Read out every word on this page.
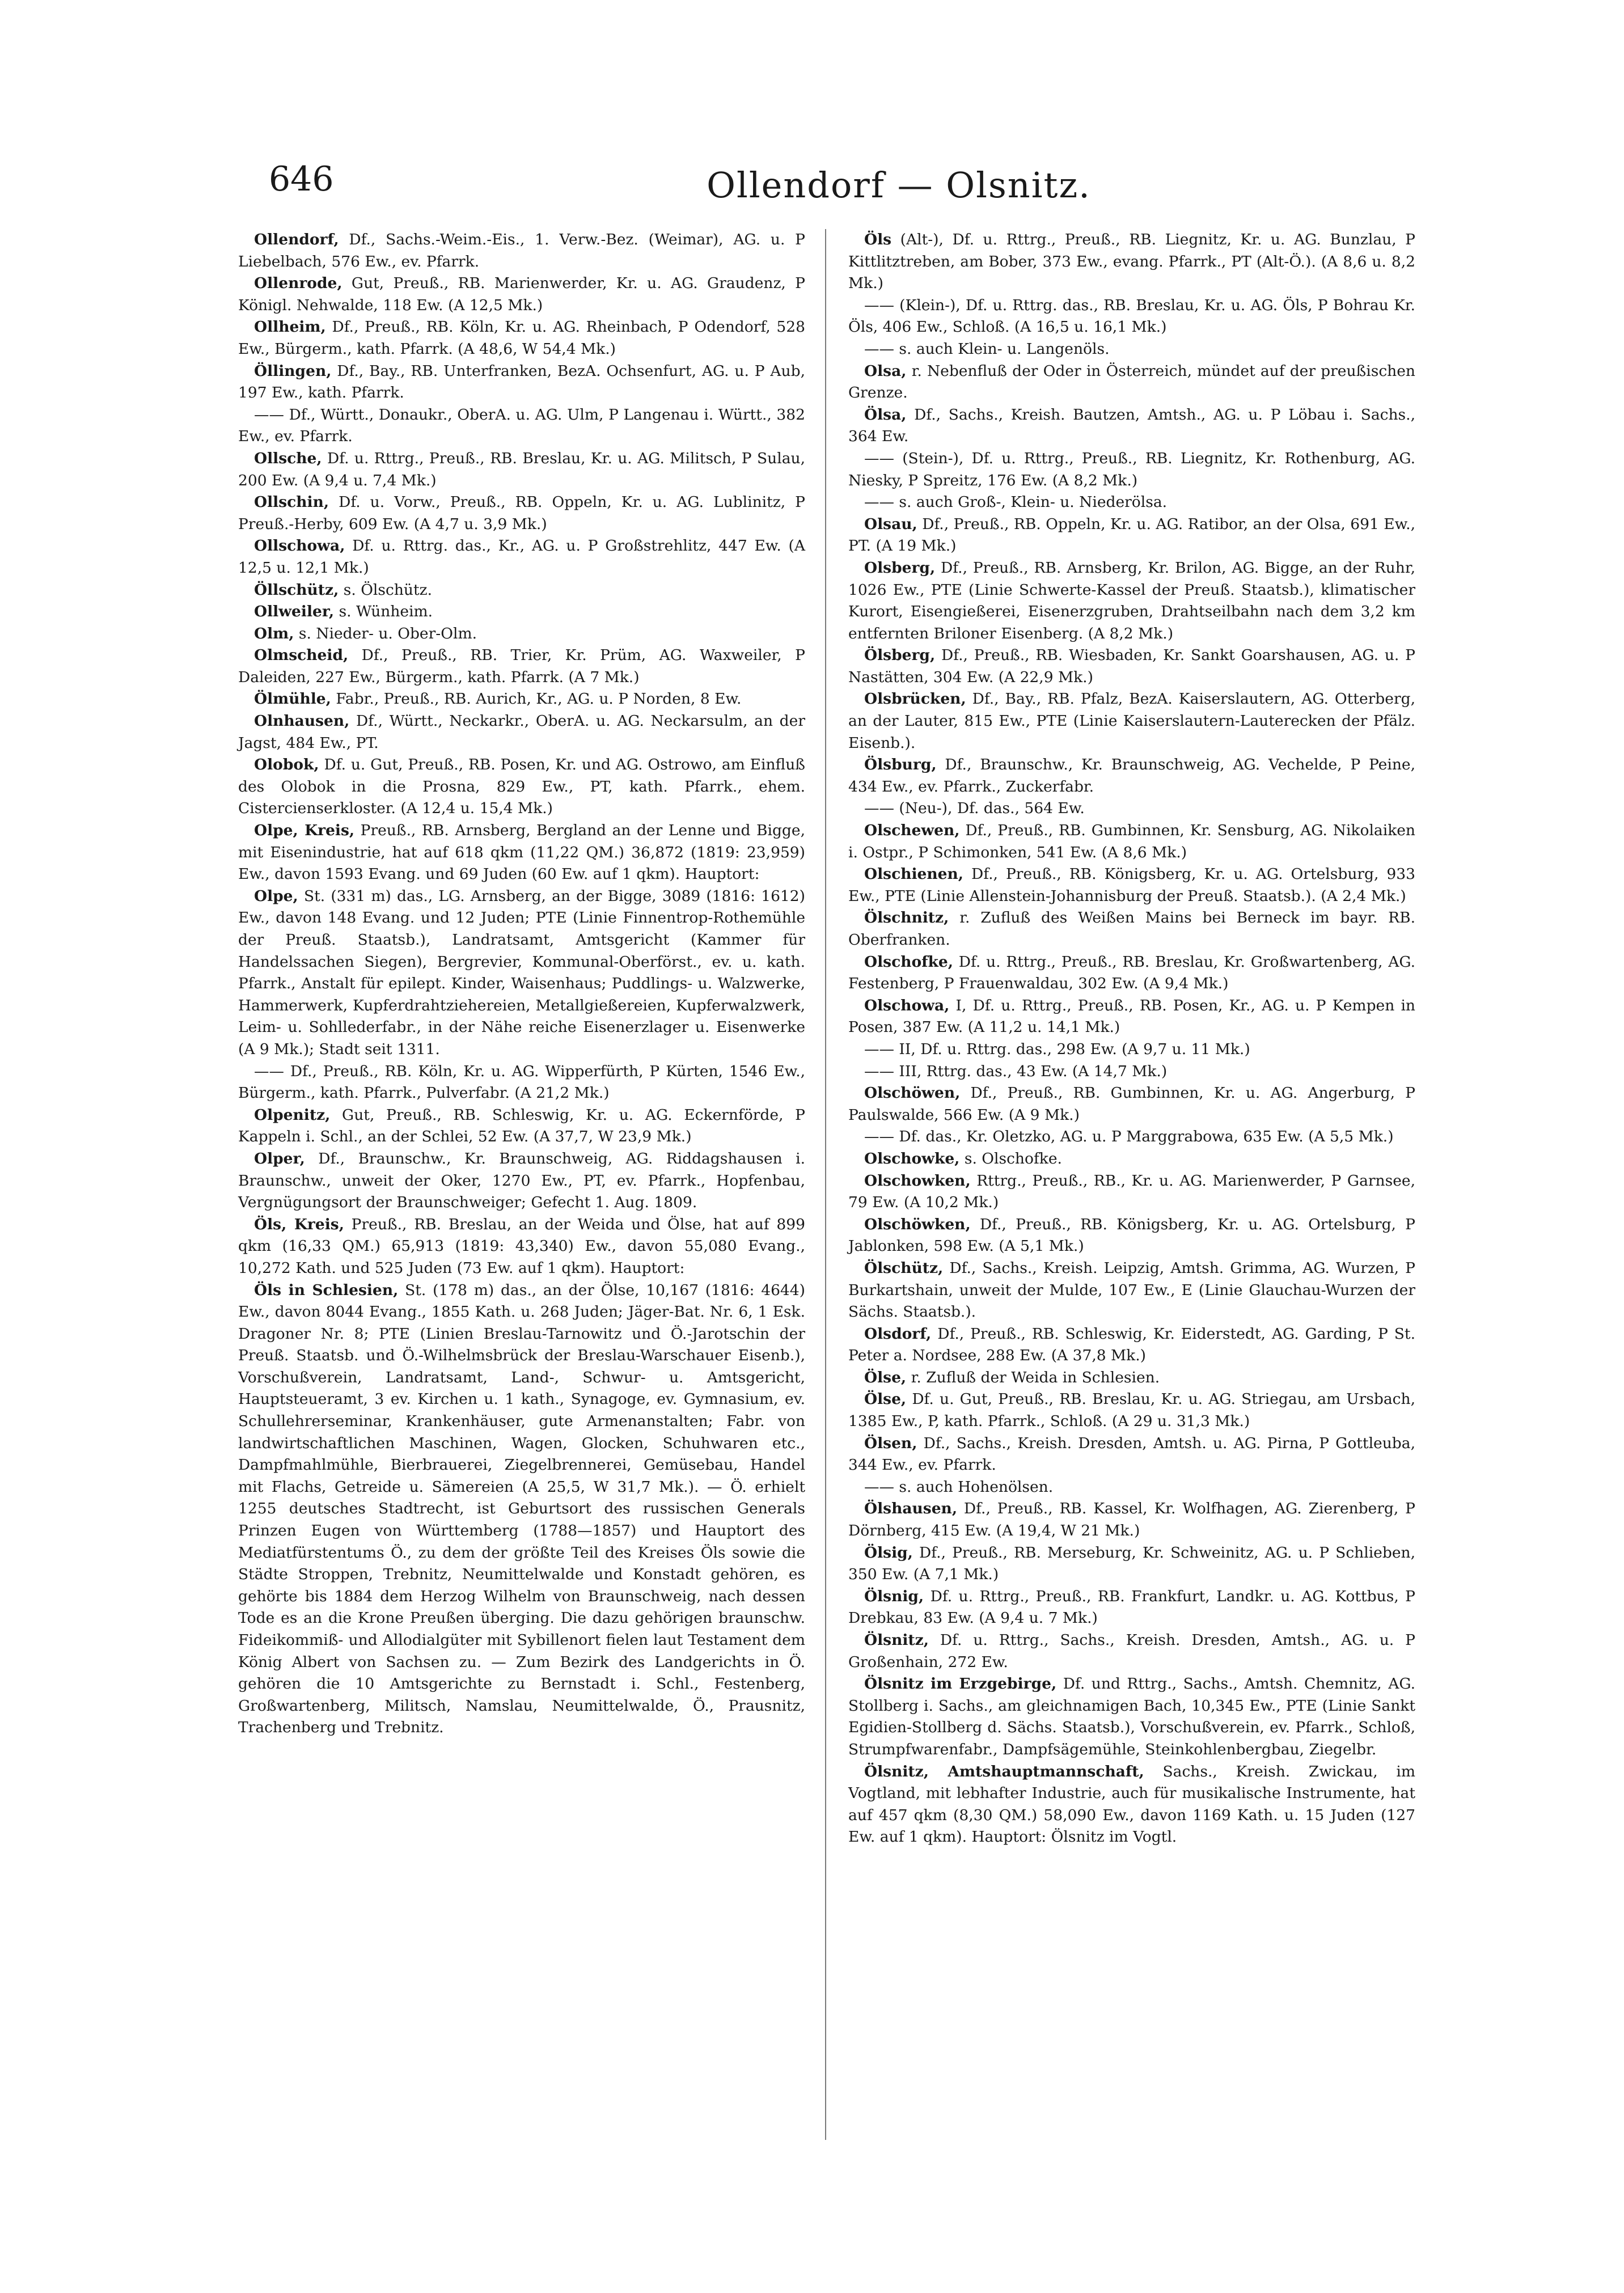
646	Ollendorf — Olsnitz.

Ollendorf, Df., Sachs.-Weim.-Eis., 1. Verw.-Bez. (Weimar), AG. u. P Liebelbach, 576 Ew., ev. Pfarrk.

Ollenrode, Gut, Preuß., RB. Marienwerder, Kr. u. AG. Graudenz, P Königl. Nehwalde, 118 Ew. (A 12,5 Mk.)

Ollheim, Df., Preuß., RB. Köln, Kr. u. AG. Rheinbach, P Odendorf, 528 Ew., Bürgerm., kath. Pfarrk. (A 48,6, W 54,4 Mk.)

Öllingen, Df., Bay., RB. Unterfranken, BezA. Ochsenfurt, AG. u. P Aub, 197 Ew., kath. Pfarrk.

—— Df., Württ., Donaukr., OberA. u. AG. Ulm, P Langenau i. Württ., 382 Ew., ev. Pfarrk.

Ollsche, Df. u. Rttrg., Preuß., RB. Breslau, Kr. u. AG. Militsch, P Sulau, 200 Ew. (A 9,4 u. 7,4 Mk.)

Ollschin, Df. u. Vorw., Preuß., RB. Oppeln, Kr. u. AG. Lublinitz, P Preuß.-Herby, 609 Ew. (A 4,7 u. 3,9 Mk.)

Ollschowa, Df. u. Rttrg. das., Kr., AG. u. P Großstrehlitz, 447 Ew. (A 12,5 u. 12,1 Mk.)

Öllschütz, s. Ölschütz.

Ollweiler, s. Wünheim.

Olm, s. Nieder- u. Ober-Olm.

Olmscheid, Df., Preuß., RB. Trier, Kr. Prüm, AG. Waxweiler, P Daleiden, 227 Ew., Bürgerm., kath. Pfarrk. (A 7 Mk.)

Ölmühle, Fabr., Preuß., RB. Aurich, Kr., AG. u. P Norden, 8 Ew.

Olnhausen, Df., Württ., Neckarkr., OberA. u. AG. Neckarsulm, an der Jagst, 484 Ew., PT.

Olobok, Df. u. Gut, Preuß., RB. Posen, Kr. und AG. Ostrowo, am Einfluß des Olobok in die Prosna, 829 Ew., PT, kath. Pfarrk., ehem. Cistercienserkloster. (A 12,4 u. 15,4 Mk.)

Olpe, Kreis, Preuß., RB. Arnsberg, Bergland an der Lenne und Bigge, mit Eisenindustrie, hat auf 618 qkm (11,22 QM.) 36,872 (1819: 23,959) Ew., davon 1593 Evang. und 69 Juden (60 Ew. auf 1 qkm). Hauptort:

Olpe, St. (331 m) das., LG. Arnsberg, an der Bigge, 3089 (1816: 1612) Ew., davon 148 Evang. und 12 Juden; PTE (Linie Finnentrop-Rothemühle der Preuß. Staatsb.), Landratsamt, Amtsgericht (Kammer für Handelssachen Siegen), Bergrevier, Kommunal-Oberförst., ev. u. kath. Pfarrk., Anstalt für epilept. Kinder, Waisenhaus; Puddlings- u. Walzwerke, Hammerwerk, Kupferdrahtziehereien, Metallgießereien, Kupferwalzwerk, Leim- u. Sohllederfabr., in der Nähe reiche Eisenerzlager u. Eisenwerke (A 9 Mk.); Stadt seit 1311.

—— Df., Preuß., RB. Köln, Kr. u. AG. Wipperfürth, P Kürten, 1546 Ew., Bürgerm., kath. Pfarrk., Pulverfabr. (A 21,2 Mk.)

Olpenitz, Gut, Preuß., RB. Schleswig, Kr. u. AG. Eckernförde, P Kappeln i. Schl., an der Schlei, 52 Ew. (A 37,7, W 23,9 Mk.)

Olper, Df., Braunschw., Kr. Braunschweig, AG. Riddagshausen i. Braunschw., unweit der Oker, 1270 Ew., PT, ev. Pfarrk., Hopfenbau, Vergnügungsort der Braunschweiger; Gefecht 1. Aug. 1809.

Öls, Kreis, Preuß., RB. Breslau, an der Weida und Ölse, hat auf 899 qkm (16,33 QM.) 65,913 (1819: 43,340) Ew., davon 55,080 Evang., 10,272 Kath. und 525 Juden (73 Ew. auf 1 qkm). Hauptort:

Öls in Schlesien, St. (178 m) das., an der Ölse, 10,167 (1816: 4644) Ew., davon 8044 Evang., 1855 Kath. u. 268 Juden; Jäger-Bat. Nr. 6, 1 Esk. Dragoner Nr. 8; PTE (Linien Breslau-Tarnowitz und Ö.-Jarotschin der Preuß. Staatsb. und Ö.-Wilhelmsbrück der Breslau-Warschauer Eisenb.), Vorschußverein, Landratsamt, Land-, Schwur- u. Amtsgericht, Hauptsteueramt, 3 ev. Kirchen u. 1 kath., Synagoge, ev. Gymnasium, ev. Schullehrerseminar, Krankenhäuser, gute Armenanstalten; Fabr. von landwirtschaftlichen Maschinen, Wagen, Glocken, Schuhwaren etc., Dampfmahlmühle, Bierbrauerei, Ziegelbrennerei, Gemüsebau, Handel mit Flachs, Getreide u. Sämereien (A 25,5, W 31,7 Mk.). — Ö. erhielt 1255 deutsches Stadtrecht, ist Geburtsort des russischen Generals Prinzen Eugen von Württemberg (1788—1857) und Hauptort des Mediatfürstentums Ö., zu dem der größte Teil des Kreises Öls sowie die Städte Stroppen, Trebnitz, Neumittelwalde und Konstadt gehören, es gehörte bis 1884 dem Herzog Wilhelm von Braunschweig, nach dessen Tode es an die Krone Preußen überging. Die dazu gehörigen braunschw. Fideikommiß- und Allodialgüter mit Sybillenort fielen laut Testament dem König Albert von Sachsen zu. — Zum Bezirk des Landgerichts in Ö. gehören die 10 Amtsgerichte zu Bernstadt i. Schl., Festenberg, Großwartenberg, Militsch, Namslau, Neumittelwalde, Ö., Prausnitz, Trachenberg und Trebnitz.

Öls (Alt-), Df. u. Rttrg., Preuß., RB. Liegnitz, Kr. u. AG. Bunzlau, P Kittlitztreben, am Bober, 373 Ew., evang. Pfarrk., PT (Alt-Ö.). (A 8,6 u. 8,2 Mk.)

—— (Klein-), Df. u. Rttrg. das., RB. Breslau, Kr. u. AG. Öls, P Bohrau Kr. Öls, 406 Ew., Schloß. (A 16,5 u. 16,1 Mk.)

—— s. auch Klein- u. Langenöls.

Olsa, r. Nebenfluß der Oder in Österreich, mündet auf der preußischen Grenze.

Ölsa, Df., Sachs., Kreish. Bautzen, Amtsh., AG. u. P Löbau i. Sachs., 364 Ew.

—— (Stein-), Df. u. Rttrg., Preuß., RB. Liegnitz, Kr. Rothenburg, AG. Niesky, P Spreitz, 176 Ew. (A 8,2 Mk.)

—— s. auch Groß-, Klein- u. Niederölsa.

Olsau, Df., Preuß., RB. Oppeln, Kr. u. AG. Ratibor, an der Olsa, 691 Ew., PT. (A 19 Mk.)

Olsberg, Df., Preuß., RB. Arnsberg, Kr. Brilon, AG. Bigge, an der Ruhr, 1026 Ew., PTE (Linie Schwerte-Kassel der Preuß. Staatsb.), klimatischer Kurort, Eisengießerei, Eisenerzgruben, Drahtseilbahn nach dem 3,2 km entfernten Briloner Eisenberg. (A 8,2 Mk.)

Ölsberg, Df., Preuß., RB. Wiesbaden, Kr. Sankt Goarshausen, AG. u. P Nastätten, 304 Ew. (A 22,9 Mk.)

Olsbrücken, Df., Bay., RB. Pfalz, BezA. Kaiserslautern, AG. Otterberg, an der Lauter, 815 Ew., PTE (Linie Kaiserslautern-Lauterecken der Pfälz. Eisenb.).

Ölsburg, Df., Braunschw., Kr. Braunschweig, AG. Vechelde, P Peine, 434 Ew., ev. Pfarrk., Zuckerfabr.

—— (Neu-), Df. das., 564 Ew.

Olschewen, Df., Preuß., RB. Gumbinnen, Kr. Sensburg, AG. Nikolaiken i. Ostpr., P Schimonken, 541 Ew. (A 8,6 Mk.)

Olschienen, Df., Preuß., RB. Königsberg, Kr. u. AG. Ortelsburg, 933 Ew., PTE (Linie Allenstein-Johannisburg der Preuß. Staatsb.). (A 2,4 Mk.)

Ölschnitz, r. Zufluß des Weißen Mains bei Berneck im bayr. RB. Oberfranken.

Olschofke, Df. u. Rttrg., Preuß., RB. Breslau, Kr. Großwartenberg, AG. Festenberg, P Frauenwaldau, 302 Ew. (A 9,4 Mk.)

Olschowa, I, Df. u. Rttrg., Preuß., RB. Posen, Kr., AG. u. P Kempen in Posen, 387 Ew. (A 11,2 u. 14,1 Mk.)

—— II, Df. u. Rttrg. das., 298 Ew. (A 9,7 u. 11 Mk.)

—— III, Rttrg. das., 43 Ew. (A 14,7 Mk.)

Olschöwen, Df., Preuß., RB. Gumbinnen, Kr. u. AG. Angerburg, P Paulswalde, 566 Ew. (A 9 Mk.)

—— Df. das., Kr. Oletzko, AG. u. P Marggrabowa, 635 Ew. (A 5,5 Mk.)

Olschowke, s. Olschofke.

Olschowken, Rttrg., Preuß., RB., Kr. u. AG. Marienwerder, P Garnsee, 79 Ew. (A 10,2 Mk.)

Olschöwken, Df., Preuß., RB. Königsberg, Kr. u. AG. Ortelsburg, P Jablonken, 598 Ew. (A 5,1 Mk.)

Ölschütz, Df., Sachs., Kreish. Leipzig, Amtsh. Grimma, AG. Wurzen, P Burkartshain, unweit der Mulde, 107 Ew., E (Linie Glauchau-Wurzen der Sächs. Staatsb.).

Olsdorf, Df., Preuß., RB. Schleswig, Kr. Eiderstedt, AG. Garding, P St. Peter a. Nordsee, 288 Ew. (A 37,8 Mk.)

Ölse, r. Zufluß der Weida in Schlesien.

Ölse, Df. u. Gut, Preuß., RB. Breslau, Kr. u. AG. Striegau, am Ursbach, 1385 Ew., P, kath. Pfarrk., Schloß. (A 29 u. 31,3 Mk.)

Ölsen, Df., Sachs., Kreish. Dresden, Amtsh. u. AG. Pirna, P Gottleuba, 344 Ew., ev. Pfarrk.

—— s. auch Hohenölsen.

Ölshausen, Df., Preuß., RB. Kassel, Kr. Wolfhagen, AG. Zierenberg, P Dörnberg, 415 Ew. (A 19,4, W 21 Mk.)

Ölsig, Df., Preuß., RB. Merseburg, Kr. Schweinitz, AG. u. P Schlieben, 350 Ew. (A 7,1 Mk.)

Ölsnig, Df. u. Rttrg., Preuß., RB. Frankfurt, Landkr. u. AG. Kottbus, P Drebkau, 83 Ew. (A 9,4 u. 7 Mk.)

Ölsnitz, Df. u. Rttrg., Sachs., Kreish. Dresden, Amtsh., AG. u. P Großenhain, 272 Ew.

Ölsnitz im Erzgebirge, Df. und Rttrg., Sachs., Amtsh. Chemnitz, AG. Stollberg i. Sachs., am gleichnamigen Bach, 10,345 Ew., PTE (Linie Sankt Egidien-Stollberg d. Sächs. Staatsb.), Vorschußverein, ev. Pfarrk., Schloß, Strumpfwarenfabr., Dampfsägemühle, Steinkohlenbergbau, Ziegelbr.

Ölsnitz, Amtshauptmannschaft, Sachs., Kreish. Zwickau, im Vogtland, mit lebhafter Industrie, auch für musikalische Instrumente, hat auf 457 qkm (8,30 QM.) 58,090 Ew., davon 1169 Kath. u. 15 Juden (127 Ew. auf 1 qkm). Hauptort: Ölsnitz im Vogtl.
